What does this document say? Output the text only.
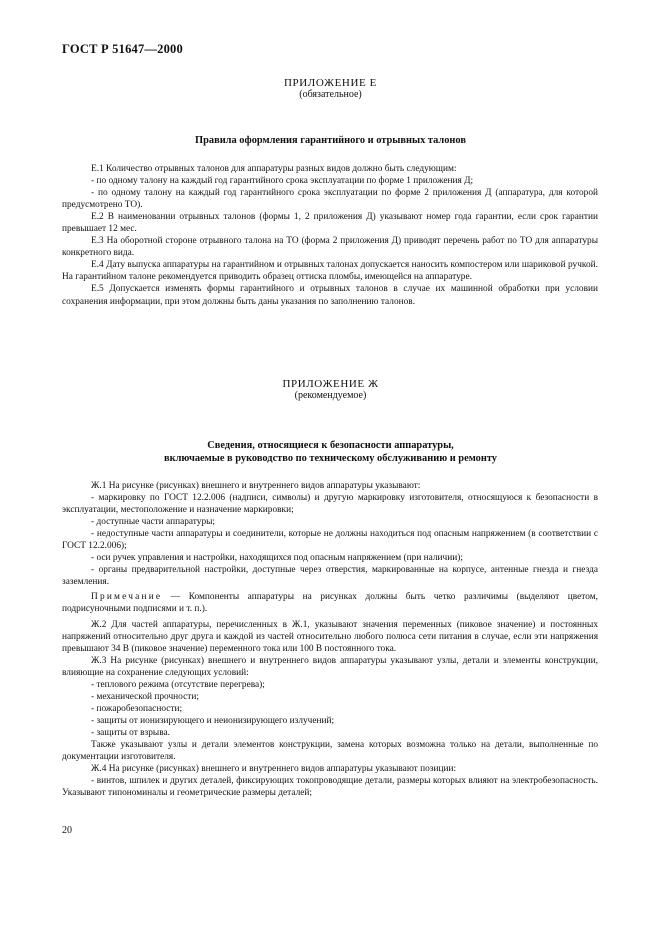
ГОСТ Р 51647—2000
ПРИЛОЖЕНИЕ Е
(обязательное)
Правила оформления гарантийного и отрывных талонов

Е.1 Количество отрывных талонов для аппаратуры разных видов должно быть следующим:

- по одному талону на каждый год гарантийного срока эксплуатации по форме 1 приложения Д;

- по одному талону на каждый год гарантийного срока эксплуатации по форме 2 приложения Д (аппаратура, для которой предусмотрено ТО).

Е.2 В наименовании отрывных талонов (формы 1, 2 приложения Д) указывают номер года гарантии, если срок гарантии превышает 12 мес.

Е.3 На оборотной стороне отрывного талона на ТО (форма 2 приложения Д) приводят перечень работ по ТО для аппаратуры конкретного вида.

Е.4 Дату выпуска аппаратуры на гарантийном и отрывных талонах допускается наносить компостером или шариковой ручкой. На гарантийном талоне рекомендуется приводить образец оттиска пломбы, имеющейся на аппаратуре.

Е.5 Допускается изменять формы гарантийного и отрывных талонов в случае их машинной обработки при условии сохранения информации, при этом должны быть даны указания по заполнению талонов.

ПРИЛОЖЕНИЕ Ж
(рекомендуемое)
Сведения, относящиеся к безопасности аппаратуры,
включаемые в руководство по техническому обслуживанию и ремонту

Ж.1 На рисунке (рисунках) внешнего и внутреннего видов аппаратуры указывают:

- маркировку по ГОСТ 12.2.006 (надписи, символы) и другую маркировку изготовителя, относящуюся к безопасности в эксплуатации, местоположение и назначение маркировки;

- доступные части аппаратуры;

- недоступные части аппаратуры и соединители, которые не должны находиться под опасным напряжением (в соответствии с ГОСТ 12.2.006);

- оси ручек управления и настройки, находящихся под опасным напряжением (при наличии);

- органы предварительной настройки, доступные через отверстия, маркированные на корпусе, антенные гнезда и гнезда заземления.

Примечание — Компоненты аппаратуры на рисунках должны быть четко различимы (выделяют цветом, подрисуночными подписями и т. п.).

Ж.2 Для частей аппаратуры, перечисленных в Ж.1, указывают значения переменных (пиковое значение) и постоянных напряжений относительно друг друга и каждой из частей относительно любого полюса сети питания в случае, если эти напряжения превышают 34 В (пиковое значение) переменного тока или 100 В постоянного тока.

Ж.3 На рисунке (рисунках) внешнего и внутреннего видов аппаратуры указывают узлы, детали и элементы конструкции, влияющие на сохранение следующих условий:

- теплового режима (отсутствие перегрева);

- механической прочности;

- пожаробезопасности;

- защиты от ионизирующего и неионизирующего излучений;

- защиты от взрыва.

Также указывают узлы и детали элементов конструкции, замена которых возможна только на детали, выполненные по документации изготовителя.

Ж.4 На рисунке (рисунках) внешнего и внутреннего видов аппаратуры указывают позиции:

- винтов, шпилек и других деталей, фиксирующих токопроводящие детали, размеры которых влияют на электробезопасность. Указывают типономиналы и геометрические размеры деталей;

20
